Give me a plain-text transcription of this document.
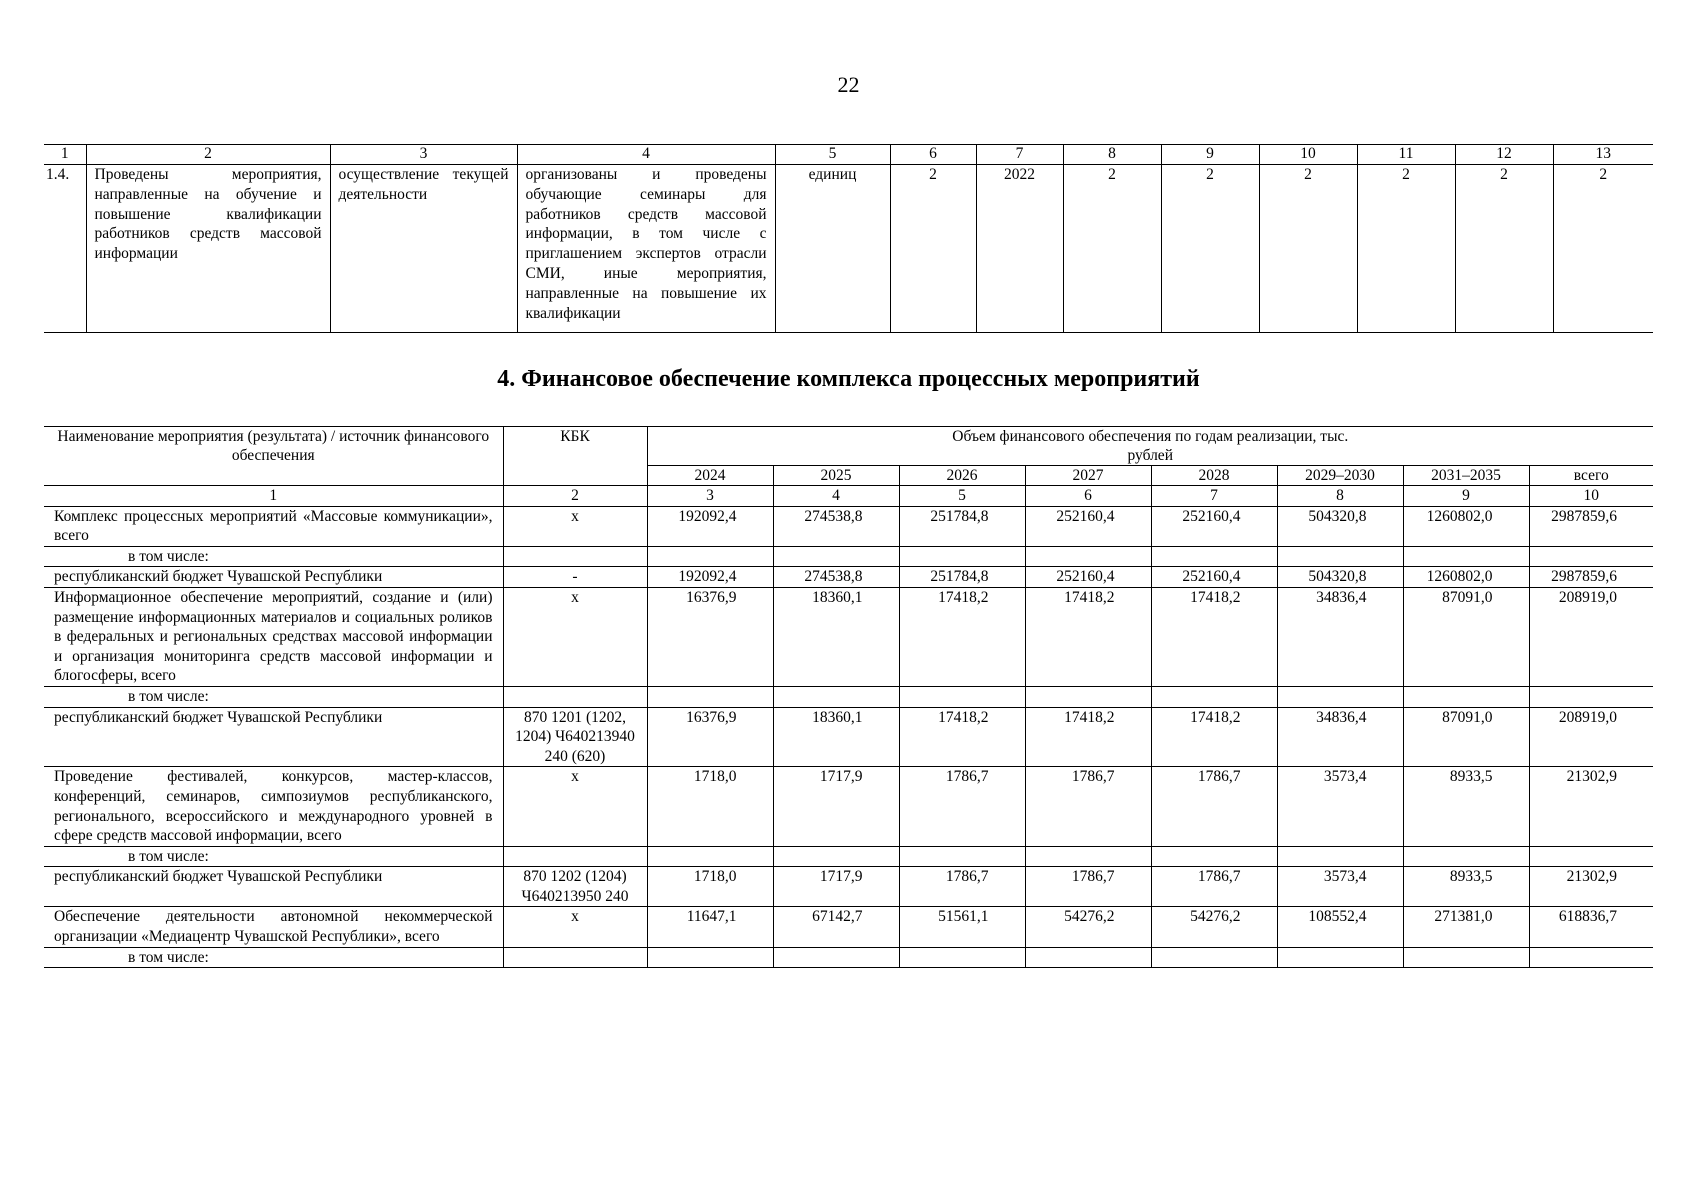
22
1	2	3	4	5	6	7	8	9	10	11	12	13
1.4.	Проведены мероприятия, направленные на обучение и повышение квалификации работников средств массовой информации	осуществление текущей деятельности	организованы и проведены обучающие семинары для работников средств массовой информации, в том числе с приглашением экспертов отрасли СМИ, иные мероприятия, направленные на повышение их квалификации	единиц	2	2022	2	2	2	2	2	2
4. Финансовое обеспечение комплекса процессных мероприятий
Наименование мероприятия (результата) / источник финансового обеспечения	КБК	Объем финансового обеспечения по годам реализации, тыс. рублей							
		2024	2025	2026	2027	2028	2029–2030	2031–2035	всего
1	2	3	4	5	6	7	8	9	10
Комплекс процессных мероприятий «Массовые коммуникации», всего	х	192092,4	274538,8	251784,8	252160,4	252160,4	504320,8	1260802,0	2987859,6
в том числе:									
республиканский бюджет Чувашской Республики	-	192092,4	274538,8	251784,8	252160,4	252160,4	504320,8	1260802,0	2987859,6
Информационное обеспечение мероприятий, создание и (или) размещение информационных материалов и социальных роликов в федеральных и региональных средствах массовой информации и организация мониторинга средств массовой информации и блогосферы, всего	х	16376,9	18360,1	17418,2	17418,2	17418,2	34836,4	87091,0	208919,0
в том числе:									
республиканский бюджет Чувашской Республики	870 1201 (1202, 1204) Ч640213940 240 (620)	16376,9	18360,1	17418,2	17418,2	17418,2	34836,4	87091,0	208919,0
Проведение фестивалей, конкурсов, мастер-классов, конференций, семинаров, симпозиумов республиканского, регионального, всероссийского и международного уровней в сфере средств массовой информации, всего	х	1718,0	1717,9	1786,7	1786,7	1786,7	3573,4	8933,5	21302,9
в том числе:									
республиканский бюджет Чувашской Республики	870 1202 (1204) Ч640213950 240	1718,0	1717,9	1786,7	1786,7	1786,7	3573,4	8933,5	21302,9
Обеспечение деятельности автономной некоммерческой организации «Медиацентр Чувашской Республики», всего	х	11647,1	67142,7	51561,1	54276,2	54276,2	108552,4	271381,0	618836,7
в том числе:									
